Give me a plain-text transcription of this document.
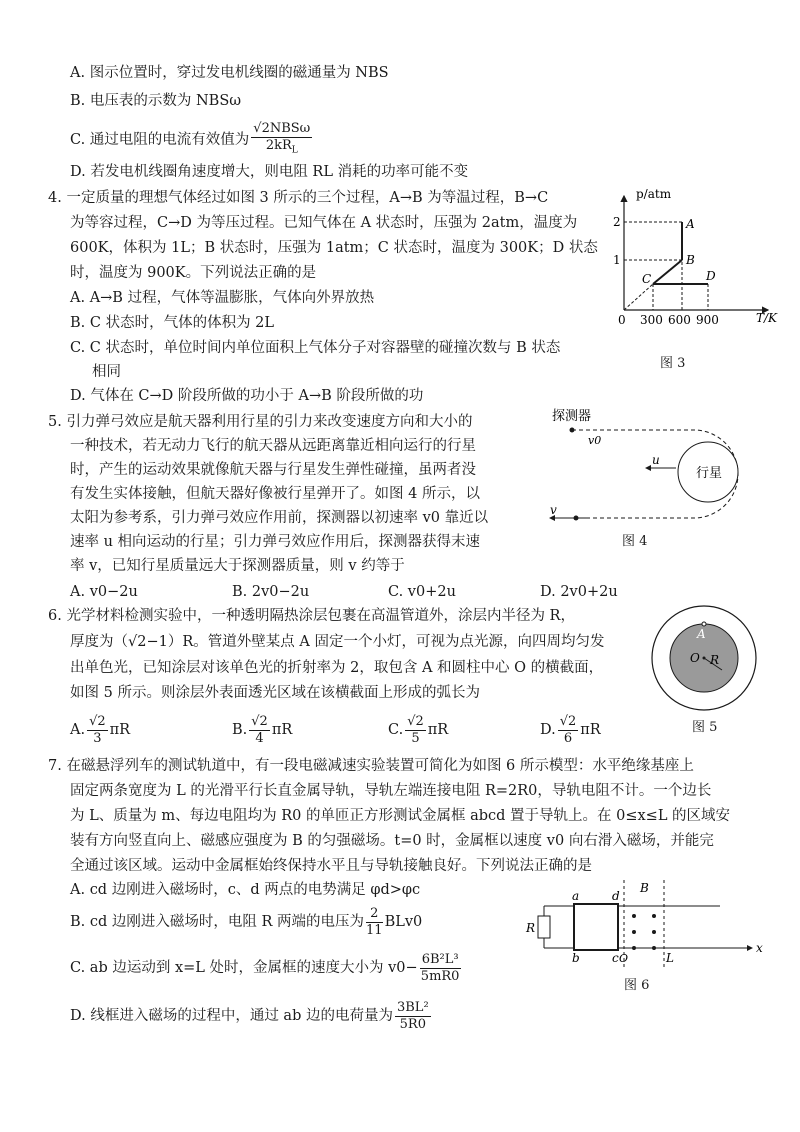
A. 图示位置时，穿过发电机线圈的磁通量为 NBS
B. 电压表的示数为 NBSω
C. 通过电阻的电流有效值为 $\frac{\text{√2NBSω}}{2kR_L}$
D. 若发电机线圈角速度增大，则电阻 RL 消耗的功率可能不变
4. 一定质量的理想气体经过如图 3 所示的三个过程，A→B 为等温过程，B→C
为等容过程，C→D 为等压过程。已知气体在 A 状态时，压强为 2atm，温度为
600K，体积为 1L；B 状态时，压强为 1atm；C 状态时，温度为 300K；D 状态
时，温度为 900K。下列说法正确的是
A. A→B 过程，气体等温膨胀，气体向外界放热
B. C 状态时，气体的体积为 2L
C. C 状态时，单位时间内单位面积上气体分子对容器壁的碰撞次数与 B 状态
相同
D. 气体在 C→D 阶段所做的功小于 A→B 阶段所做的功
p/atm
T/K
2
1
0 300 600 900
A
B
C	D
图 3
5. 引力弹弓效应是航天器利用行星的引力来改变速度方向和大小的
一种技术，若无动力飞行的航天器从远距离靠近相向运行的行星
时，产生的运动效果就像航天器与行星发生弹性碰撞，虽两者没
有发生实体接触，但航天器好像被行星弹开了。如图 4 所示，以
太阳为参考系，引力弹弓效应作用前，探测器以初速率 v0 靠近以
速率 u 相向运动的行星；引力弹弓效应作用后，探测器获得末速
率 v，已知行星质量远大于探测器质量，则 v 约等于
A. v0−2u	B. 2v0−2u	C. v0+2u	D. 2v0+2u
探测器
v0
行星
u
v
图 4
6. 光学材料检测实验中，一种透明隔热涂层包裹在高温管道外，涂层内半径为 R，
厚度为（√2−1）R。管道外壁某点 A 固定一个小灯，可视为点光源，向四周均匀发
出单色光，已知涂层对该单色光的折射率为 2，取包含 A 和圆柱中心 O 的横截面，
如图 5 所示。则涂层外表面透光区域在该横截面上形成的弧长为
A. $\frac{√2}{3}$ πR	B. $\frac{√2}{4}$ πR	C. $\frac{√2}{5}$ πR	D. $\frac{√2}{6}$ πR
A
O R
图 5
7. 在磁悬浮列车的测试轨道中，有一段电磁减速实验装置可简化为如图 6 所示模型：水平绝缘基座上
固定两条宽度为 L 的光滑平行长直金属导轨，导轨左端连接电阻 R=2R0，导轨电阻不计。一个边长
为 L、质量为 m、每边电阻均为 R0 的单匝正方形测试金属框 abcd 置于导轨上。在 0≤x≤L 的区域安
装有方向竖直向上、磁感应强度为 B 的匀强磁场。t=0 时，金属框以速度 v0 向右滑入磁场，并能完
全通过该区域。运动中金属框始终保持水平且与导轨接触良好。下列说法正确的是
A. cd 边刚进入磁场时，c、d 两点的电势满足 φd>φc
B. cd 边刚进入磁场时，电阻 R 两端的电压为 $\frac{2}{11} BLv0$
C. ab 边运动到 x=L 处时，金属框的速度大小为 $v0- \frac{\text{6B²L³}}{5mR0}$
D. 线框进入磁场的过程中，通过 ab 边的电荷量为 $\frac{\text{3BL²}}{5R0}$
R
a
b	c
d
B
x
O	L
图 6
